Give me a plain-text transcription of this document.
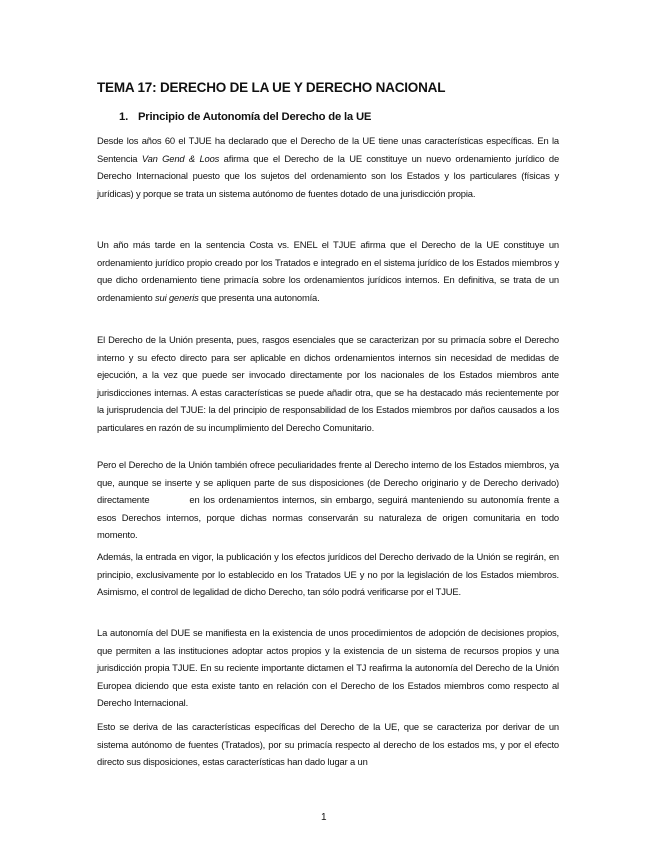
TEMA 17: DERECHO DE LA UE Y DERECHO NACIONAL
1. Principio de Autonomía del Derecho de la UE

Desde los años 60 el TJUE ha declarado que el Derecho de la UE tiene unas características específicas. En la Sentencia Van Gend & Loos afirma que el Derecho de la UE constituye un nuevo ordenamiento jurídico de Derecho Internacional puesto que los sujetos del ordenamiento son los Estados y los particulares (físicas y jurídicas) y porque se trata un sistema autónomo de fuentes dotado de una jurisdicción propia.

Un año más tarde en la sentencia Costa vs. ENEL el TJUE afirma que el Derecho de la UE constituye un ordenamiento jurídico propio creado por los Tratados e integrado en el sistema jurídico de los Estados miembros y que dicho ordenamiento tiene primacía sobre los ordenamientos jurídicos internos. En definitiva, se trata de un ordenamiento sui generis que presenta una autonomía.

El Derecho de la Unión presenta, pues, rasgos esenciales que se caracterizan por su primacía sobre el Derecho interno y su efecto directo para ser aplicable en dichos ordenamientos internos sin necesidad de medidas de ejecución, a la vez que puede ser invocado directamente por los nacionales de los Estados miembros ante jurisdicciones internas. A estas características se puede añadir otra, que se ha destacado más recientemente por la jurisprudencia del TJUE: la del principio de responsabilidad de los Estados miembros por daños causados a los particulares en razón de su incumplimiento del Derecho Comunitario.

Pero el Derecho de la Unión también ofrece peculiaridades frente al Derecho interno de los Estados miembros, ya que, aunque se inserte y se apliquen parte de sus disposiciones (de Derecho originario y de Derecho derivado) directamente	en los ordenamientos internos, sin embargo, seguirá manteniendo su autonomía frente a esos Derechos internos, porque dichas normas conservarán su naturaleza de origen comunitaria en todo momento.

Además, la entrada en vigor, la publicación y los efectos jurídicos del Derecho derivado de la Unión se regirán, en principio, exclusivamente por lo establecido en los Tratados UE y no por la legislación de los Estados miembros. Asimismo, el control de legalidad de dicho Derecho, tan sólo podrá verificarse por el TJUE.

La autonomía del DUE se manifiesta en la existencia de unos procedimientos de adopción de decisiones propios, que permiten a las instituciones adoptar actos propios y la existencia de un sistema de recursos propios y una jurisdicción propia TJUE. En su reciente importante dictamen el TJ reafirma la autonomía del Derecho de la Unión Europea diciendo que esta existe tanto en relación con el Derecho de los Estados miembros como respecto al Derecho Internacional.

Esto se deriva de las características específicas del Derecho de la UE, que se caracteriza por derivar de un sistema autónomo de fuentes (Tratados), por su primacía respecto al derecho de los estados ms, y por el efecto directo sus disposiciones, estas características han dado lugar a un

1
